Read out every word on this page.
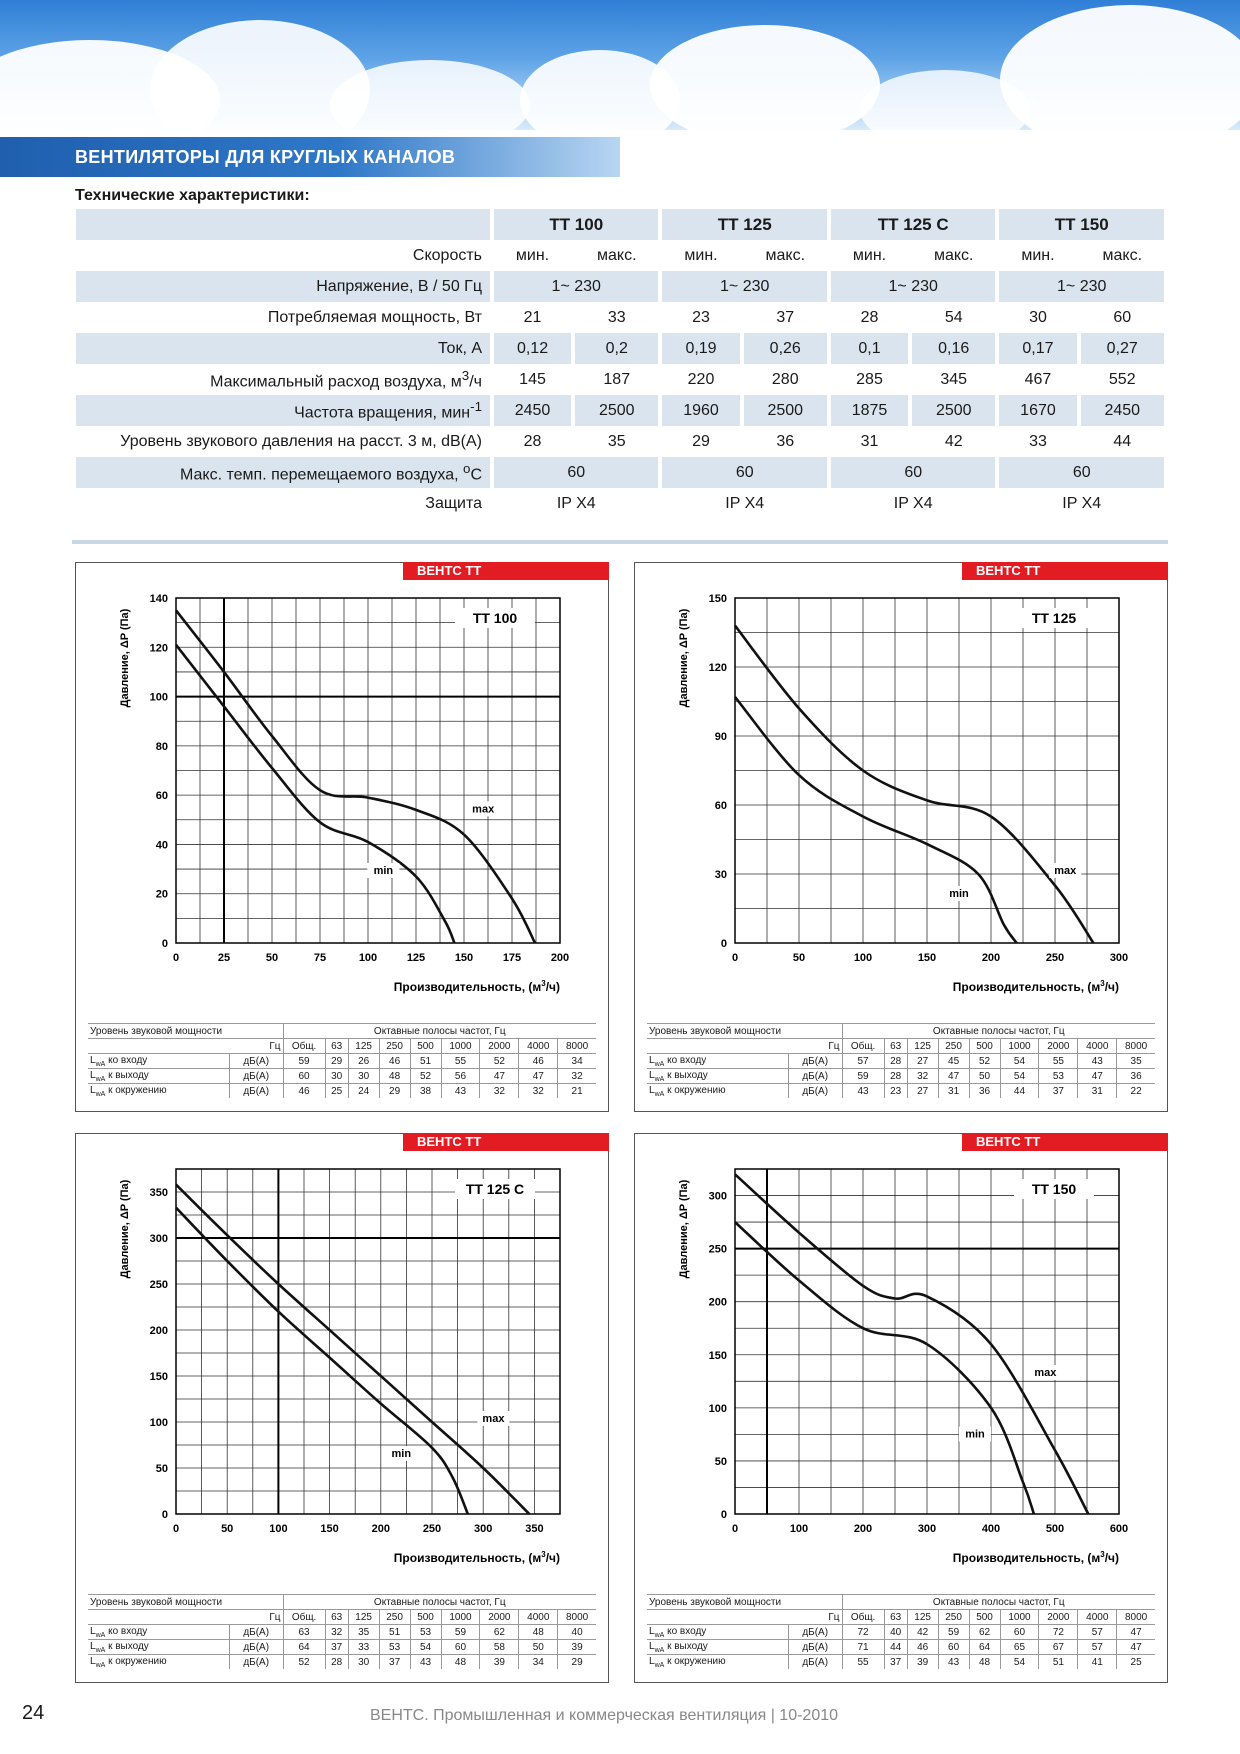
ВЕНТИЛЯТОРЫ ДЛЯ КРУГЛЫХ КАНАЛОВ
Технические характеристики:
	TT 100		TT 125		TT 125 C		TT 150	
Скорость	мин.	макс.	мин.	макс.	мин.	макс.	мин.	макс.
Напряжение, В / 50 Гц	1~ 230		1~ 230		1~ 230		1~ 230	
Потребляемая мощность, Вт	21	33	23	37	28	54	30	60
Ток, А	0,12	0,2	0,19	0,26	0,1	0,16	0,17	0,27
Максимальный расход воздуха, $м^3/ч$	145	187	220	280	285	345	467	552
Частота вращения, мин$^{-1}$	2450	2500	1960	2500	1875	2500	1670	2450
Уровень звукового давления на расст. 3 м, dB(A)	28	35	29	36	31	42	33	44
Макс. темп. перемещаемого воздуха, $^o$C	60		60		60		60	
Защита	IP X4		IP X4		IP X4		IP X4	
ВЕНТС ТТ
0	25	50	75	100	125	150	175	200
0
20
40
60
80
100
120
140
Давление, ΔP (Па)
Производительность, $(м^3/ч)$
TT 100
max
min
Уровень звуковой мощности		Октавные полосы частот, Гц								
	Гц	Общ.	63	125	250	500	1000	2000	4000	8000
$L_{wA}$ ко входу	дБ(А)	59	29	26	46	51	55	52	46	34
$L_{wA}$ к выходу	дБ(А)	60	30	30	48	52	56	47	47	32
$L_{wA}$ к окружению	дБ(А)	46	25	24	29	38	43	32	32	21
ВЕНТС ТТ
0	50	100	150	200	250	300
0
30
60
90
120
150
Давление, ΔP (Па)
Производительность, $(м^3/ч)$
TT 125
max
min
Уровень звуковой мощности		Октавные полосы частот, Гц								
	Гц	Общ.	63	125	250	500	1000	2000	4000	8000
$L_{wA}$ ко входу	дБ(А)	57	28	27	45	52	54	55	43	35
$L_{wA}$ к выходу	дБ(А)	59	28	32	47	50	54	53	47	36
$L_{wA}$ к окружению	дБ(А)	43	23	27	31	36	44	37	31	22
ВЕНТС ТТ
0	50	100	150	200	250	300	350
0
50
100
150
200
250
300
350
Давление, ΔP (Па)
Производительность, $(м^3/ч)$
TT 125 C
max
min
Уровень звуковой мощности		Октавные полосы частот, Гц								
	Гц	Общ.	63	125	250	500	1000	2000	4000	8000
$L_{wA}$ ко входу	дБ(А)	63	32	35	51	53	59	62	48	40
$L_{wA}$ к выходу	дБ(А)	64	37	33	53	54	60	58	50	39
$L_{wA}$ к окружению	дБ(А)	52	28	30	37	43	48	39	34	29
ВЕНТС ТТ
0	100	200	300	400	500	600
0
50
100
150
200
250
300
Давление, ΔP (Па)
Производительность, $(м^3/ч)$
TT 150
max
min
Уровень звуковой мощности		Октавные полосы частот, Гц								
	Гц	Общ.	63	125	250	500	1000	2000	4000	8000
$L_{wA}$ ко входу	дБ(А)	72	40	42	59	62	60	72	57	47
$L_{wA}$ к выходу	дБ(А)	71	44	46	60	64	65	67	57	47
$L_{wA}$ к окружению	дБ(А)	55	37	39	43	48	54	51	41	25
24	ВЕНТС. Промышленная и коммерческая вентиляция | 10-2010
